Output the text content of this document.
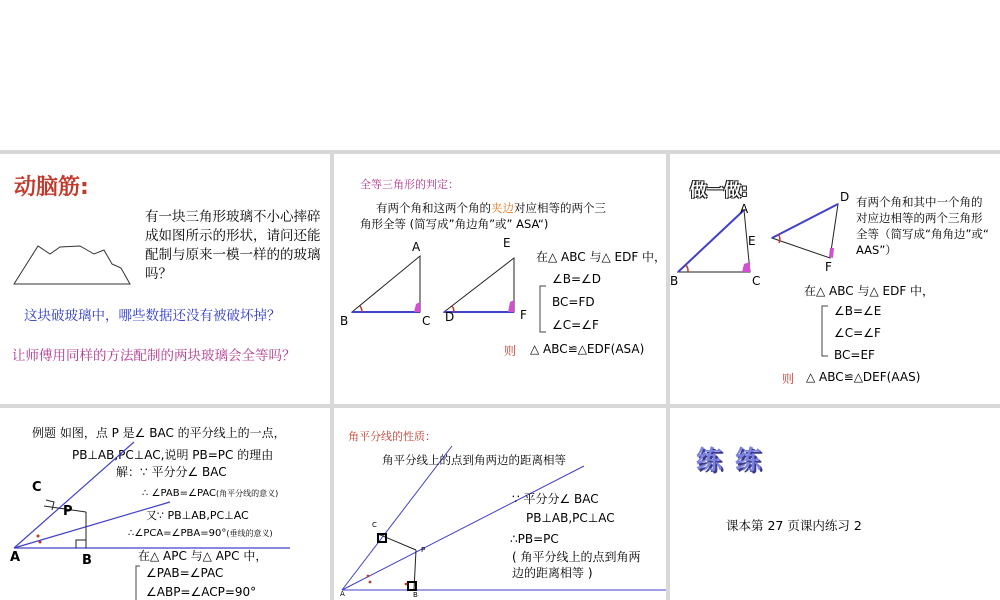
动脑筋:
有一块三角形玻璃不小心摔碎成如图所示的形状，请问还能配制与原来一模一样的的玻璃吗？
这块破玻璃中，哪些数据还没有被破坏掉？
让师傅用同样的方法配制的两块玻璃会全等吗？
全等三角形的判定：
有两个角和这两个角的夹边对应相等的两个三
角形全等 (简写成”角边角”或” ASA“)
A
B	C
E
D	F
在△ ABC 与△ EDF 中，
∠B=∠D
BC=FD
∠C=∠F
则 △ ABC≌△EDF(ASA)
做一做:
A
B	C
D
E
F
有两个角和其中一个角的对应边相等的两个三角形全等（简写成“角角边”或“ AAS”）
在△ ABC 与△ EDF 中，
∠B=∠E
∠C=∠F
BC=EF
则 △ ABC≌△DEF(AAS)
例题 如图，点 P 是∠ BAC 的平分线上的一点，
PB⊥AB,PC⊥AC,说明 PB=PC 的理由
解：∵ 平分分∠ BAC
∴ ∠PAB=∠PAC(角平分线的意义)
又∵ PB⊥AB,PC⊥AC
∴∠PCA=∠PBA=90°(垂线的意义)
在△ APC 与△ APC 中，
∠PAB=∠PAC
∠ABP=∠ACP=90°
C
P
A	B
角平分线的性质：
角平分线上的点到角两边的距离相等
∵ 平分分∠ BAC
PB⊥AB,PC⊥AC
∴PB=PC
( 角平分线上的点到角两
边的距离相等 )
C
P
A	B
练 练
课本第 27 页课内练习 2
